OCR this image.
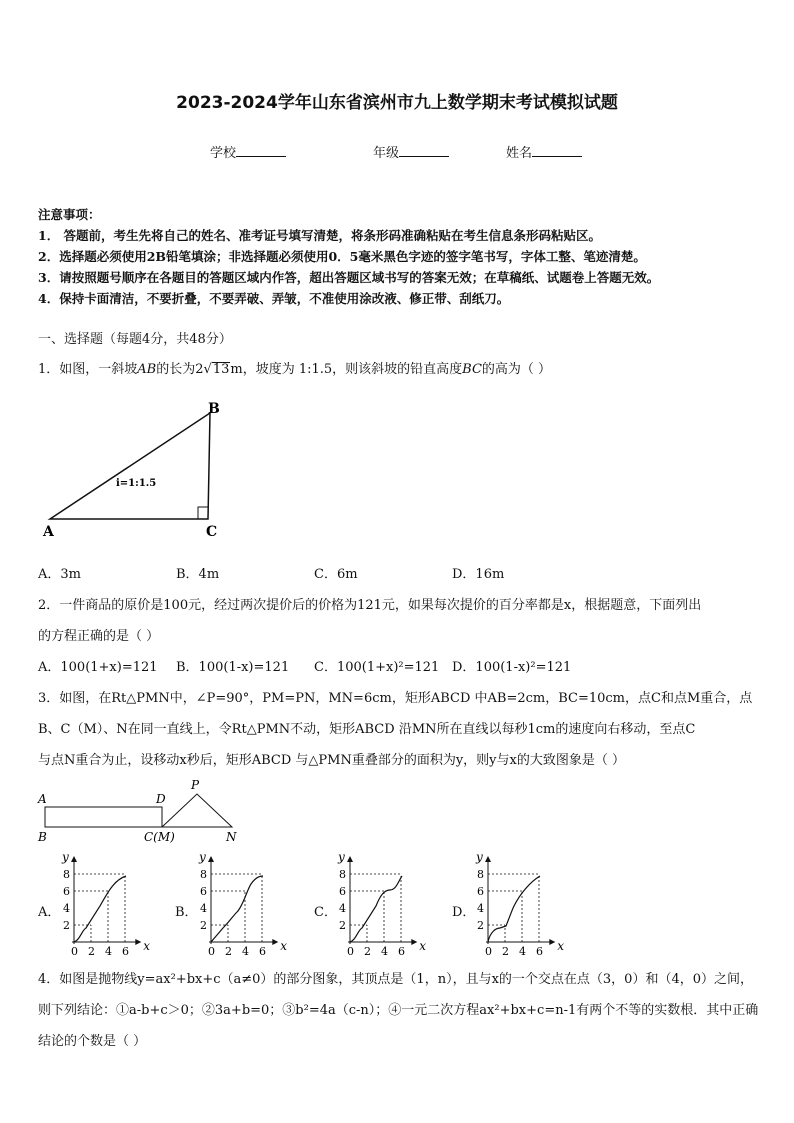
2023-2024学年山东省滨州市九上数学期末考试模拟试题
学校	年级	姓名
注意事项：
1． 答题前，考生先将自己的姓名、准考证号填写清楚，将条形码准确粘贴在考生信息条形码粘贴区。
2．选择题必须使用2B铅笔填涂；非选择题必须使用0．5毫米黑色字迹的签字笔书写，字体工整、笔迹清楚。
3．请按照题号顺序在各题目的答题区域内作答，超出答题区域书写的答案无效；在草稿纸、试题卷上答题无效。
4．保持卡面清洁，不要折叠，不要弄破、弄皱，不准使用涂改液、修正带、刮纸刀。
一、选择题（每题4分，共48分）
1．如图，一斜坡AB的长为2√13m，坡度为 1:1.5，则该斜坡的铅直高度BC的高为（ ）
A
B
C
i=1:1.5
A．3m	B．4m	C．6m	D．16m
2．一件商品的原价是100元，经过两次提价后的价格为121元，如果每次提价的百分率都是x，根据题意，下面列出
的方程正确的是（ ）
A．100(1+x)=121 B．100(1-x)=121 C．100(1+x)²=121 D．100(1-x)²=121
3．如图，在Rt△PMN中，∠P=90°，PM=PN，MN=6cm，矩形ABCD 中AB=2cm，BC=10cm，点C和点M重合，点
B、C（M）、N在同一直线上，令Rt△PMN不动，矩形ABCD 沿MN所在直线以每秒1cm的速度向右移动，至点C
与点N重合为止，设移动x秒后，矩形ABCD 与△PMN重叠部分的面积为y，则y与x的大致图象是（ ）
A
B
D
P
C(M)	N
A．
8
6
4
2
0 2 4 6
y
x
B．
8
6
4
2
0 2 4 6
y
x
C．
8
6
4
2
0 2 4 6
y
x
D．
8
6
4
2
0 2 4 6
y
x
4．如图是抛物线y=ax²+bx+c（a≠0）的部分图象，其顶点是（1，n），且与x的一个交点在点（3，0）和（4，0）之间，
则下列结论：①a-b+c＞0；②3a+b=0；③b²=4a（c-n）；④一元二次方程ax²+bx+c=n-1有两个不等的实数根．其中正确
结论的个数是（ ）
